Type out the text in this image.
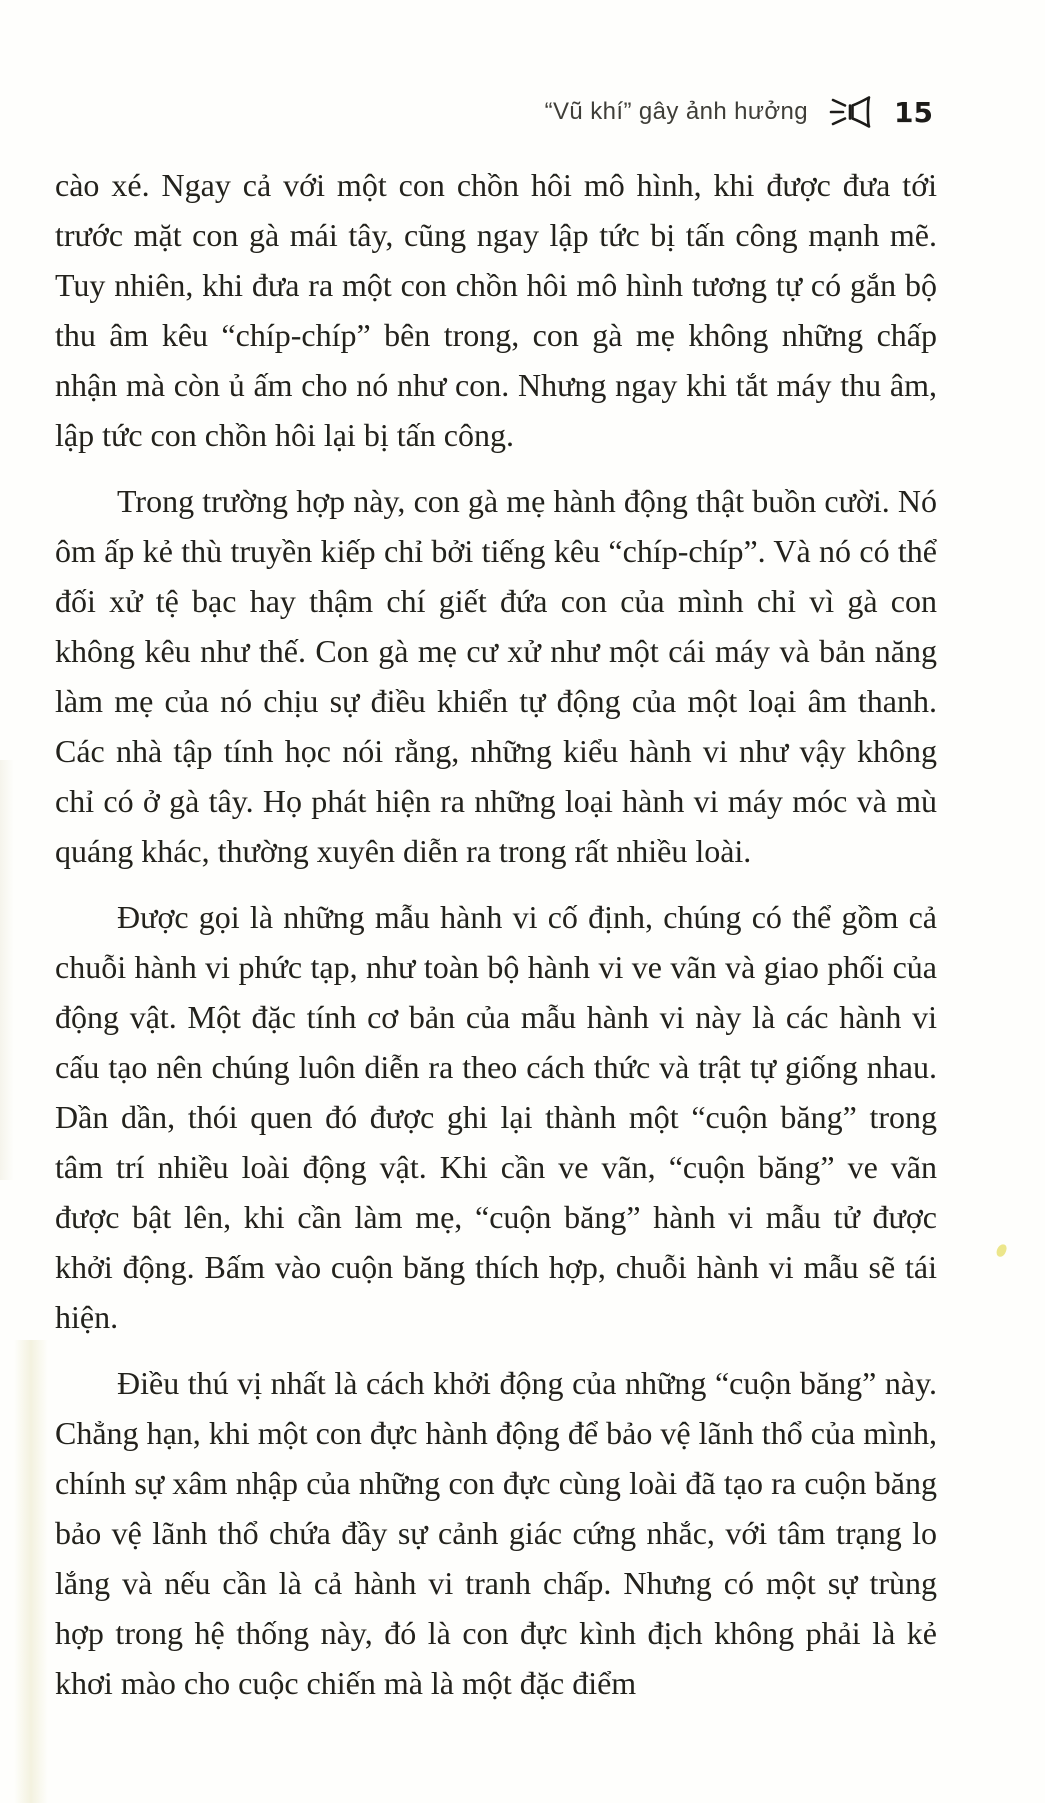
“Vũ khí” gây ảnh hưởng	15

cào xé. Ngay cả với một con chồn hôi mô hình, khi được đưa tới trước mặt con gà mái tây, cũng ngay lập tức bị tấn công mạnh mẽ. Tuy nhiên, khi đưa ra một con chồn hôi mô hình tương tự có gắn bộ thu âm kêu “chíp-chíp” bên trong, con gà mẹ không những chấp nhận mà còn ủ ấm cho nó như con. Nhưng ngay khi tắt máy thu âm, lập tức con chồn hôi lại bị tấn công.

Trong trường hợp này, con gà mẹ hành động thật buồn cười. Nó ôm ấp kẻ thù truyền kiếp chỉ bởi tiếng kêu “chíp-chíp”. Và nó có thể đối xử tệ bạc hay thậm chí giết đứa con của mình chỉ vì gà con không kêu như thế. Con gà mẹ cư xử như một cái máy và bản năng làm mẹ của nó chịu sự điều khiển tự động của một loại âm thanh. Các nhà tập tính học nói rằng, những kiểu hành vi như vậy không chỉ có ở gà tây. Họ phát hiện ra những loại hành vi máy móc và mù quáng khác, thường xuyên diễn ra trong rất nhiều loài.

Được gọi là những mẫu hành vi cố định, chúng có thể gồm cả chuỗi hành vi phức tạp, như toàn bộ hành vi ve vãn và giao phối của động vật. Một đặc tính cơ bản của mẫu hành vi này là các hành vi cấu tạo nên chúng luôn diễn ra theo cách thức và trật tự giống nhau. Dần dần, thói quen đó được ghi lại thành một “cuộn băng” trong tâm trí nhiều loài động vật. Khi cần ve vãn, “cuộn băng” ve vãn được bật lên, khi cần làm mẹ, “cuộn băng” hành vi mẫu tử được khởi động. Bấm vào cuộn băng thích hợp, chuỗi hành vi mẫu sẽ tái hiện.

Điều thú vị nhất là cách khởi động của những “cuộn băng” này. Chẳng hạn, khi một con đực hành động để bảo vệ lãnh thổ của mình, chính sự xâm nhập của những con đực cùng loài đã tạo ra cuộn băng bảo vệ lãnh thổ chứa đầy sự cảnh giác cứng nhắc, với tâm trạng lo lắng và nếu cần là cả hành vi tranh chấp. Nhưng có một sự trùng hợp trong hệ thống này, đó là con đực kình địch không phải là kẻ khơi mào cho cuộc chiến mà là một đặc điểm
